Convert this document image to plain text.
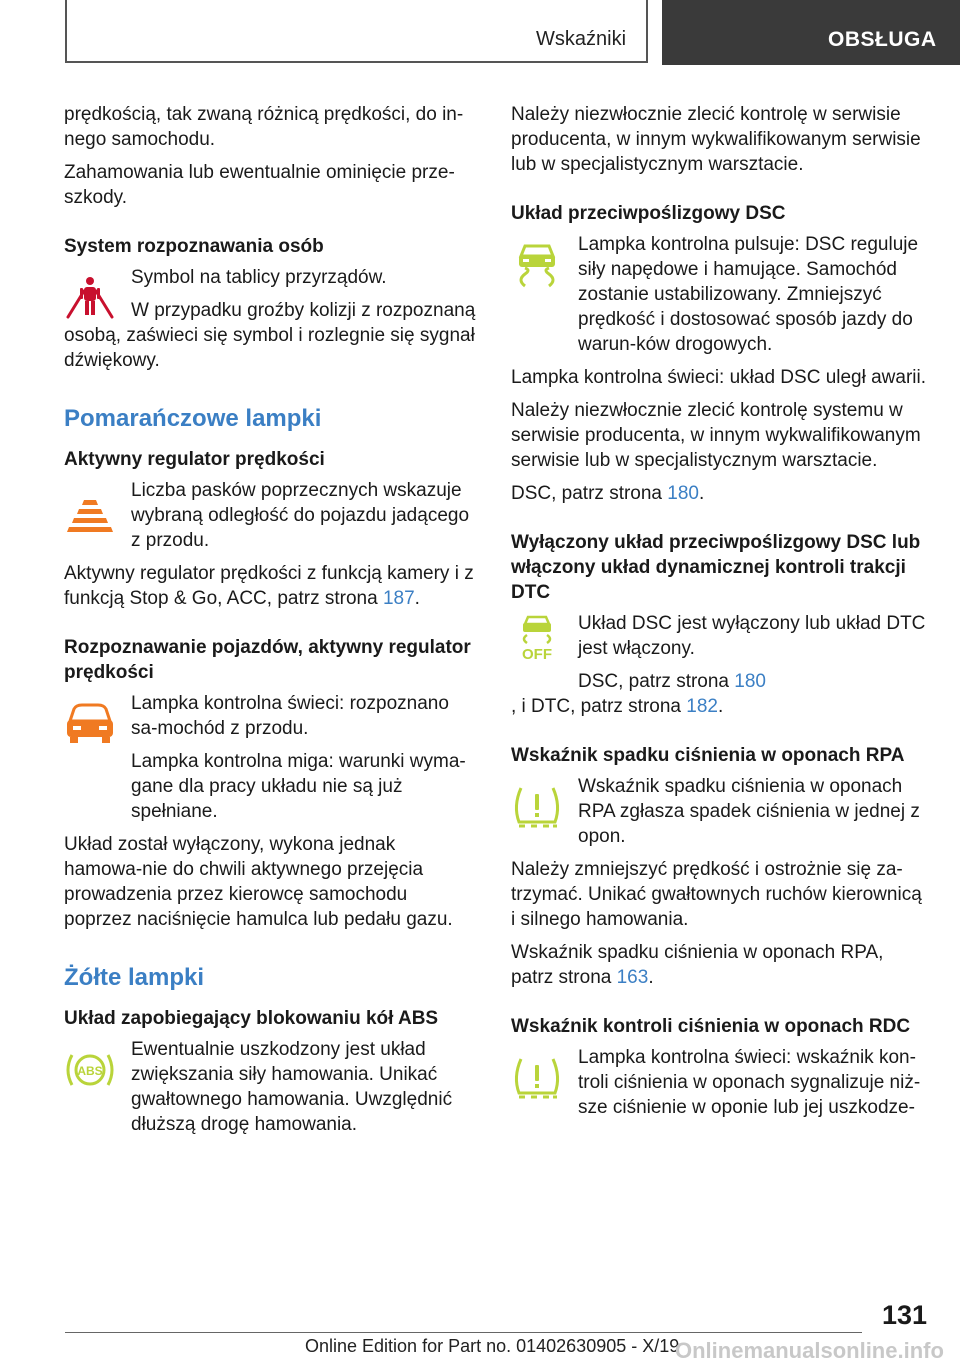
Wskaźniki	OBSŁUGA

prędkością, tak zwaną różnicą prędkości, do in-nego samochodu.

Zahamowania lub ewentualnie ominięcie prze-szkody.

System rozpoznawania osób

Symbol na tablicy przyrządów.

W przypadku groźby kolizji z rozpoznaną osobą, zaświeci się symbol i rozlegnie się sygnał dźwiękowy.

Pomarańczowe lampki
Aktywny regulator prędkości

Liczba pasków poprzecznych wskazuje wybraną odległość do pojazdu jadącego z przodu.

Aktywny regulator prędkości z funkcją kamery i z funkcją Stop & Go, ACC, patrz strona 187.

Rozpoznawanie pojazdów, aktywny regulator prędkości

Lampka kontrolna świeci: rozpoznano sa-mochód z przodu.

Lampka kontrolna miga: warunki wyma-gane dla pracy układu nie są już spełniane.

Układ został wyłączony, wykona jednak hamowa-nie do chwili aktywnego przejęcia prowadzenia przez kierowcę samochodu poprzez naciśnięcie hamulca lub pedału gazu.

Żółte lampki
Układ zapobiegający blokowaniu kół ABS
ABS

Ewentualnie uszkodzony jest układ zwiększania siły hamowania. Unikać gwałtownego hamowania. Uwzględnić dłuższą drogę hamowania.

Należy niezwłocznie zlecić kontrolę w serwisie producenta, w innym wykwalifikowanym serwisie lub w specjalistycznym warsztacie.

Układ przeciwpoślizgowy DSC

Lampka kontrolna pulsuje: DSC reguluje siły napędowe i hamujące. Samochód zostanie ustabilizowany. Zmniejszyć prędkość i dostosować sposób jazdy do warun-ków drogowych.

Lampka kontrolna świeci: układ DSC uległ awarii.

Należy niezwłocznie zlecić kontrolę systemu w serwisie producenta, w innym wykwalifikowanym serwisie lub w specjalistycznym warsztacie.

DSC, patrz strona 180.

Wyłączony układ przeciwpoślizgowy DSC lub włączony układ dynamicznej kontroli trakcji DTC
OFF

Układ DSC jest wyłączony lub układ DTC jest włączony.

DSC, patrz strona 180

, i DTC, patrz strona 182.

Wskaźnik spadku ciśnienia w oponach RPA

Wskaźnik spadku ciśnienia w oponach RPA zgłasza spadek ciśnienia w jednej z opon.

Należy zmniejszyć prędkość i ostrożnie się za-trzymać. Unikać gwałtownych ruchów kierownicą i silnego hamowania.

Wskaźnik spadku ciśnienia w oponach RPA, patrz strona 163.

Wskaźnik kontroli ciśnienia w oponach RDC

Lampka kontrolna świeci: wskaźnik kon-troli ciśnienia w oponach sygnalizuje niż-sze ciśnienie w oponie lub jej uszkodze-

131
Online Edition for Part no. 01402630905 - X/19
Onlinemanualsonline.info
